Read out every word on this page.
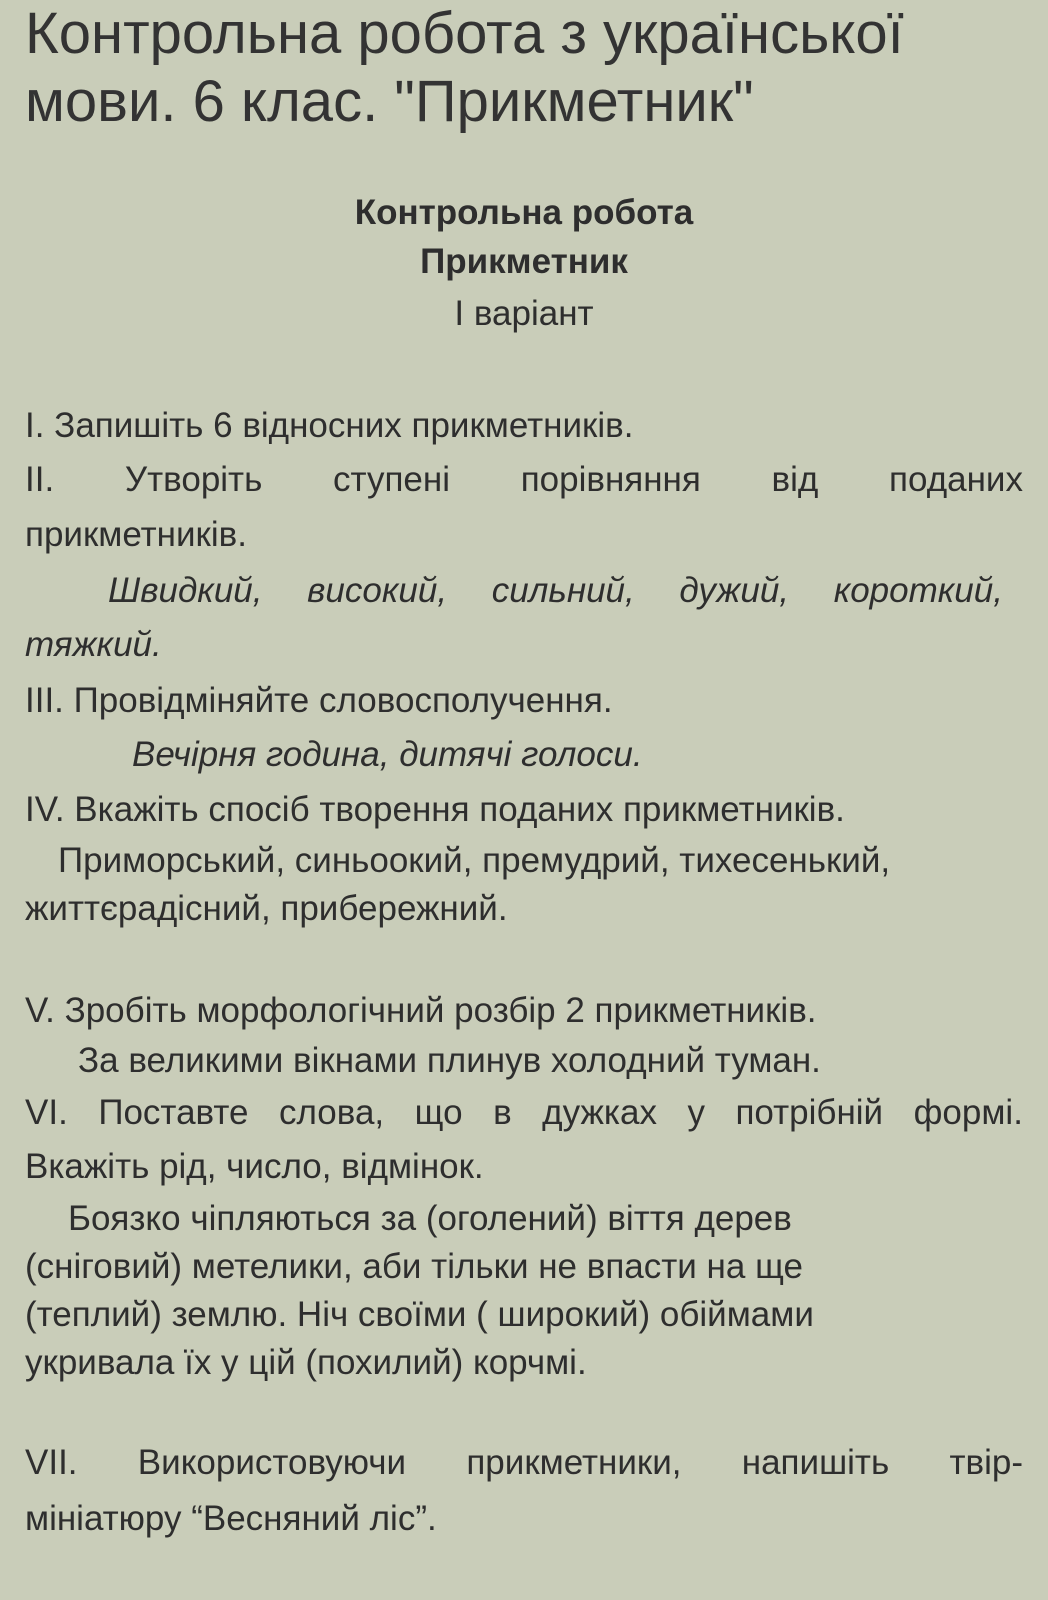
Контрольна робота з української
мови. 6 клас. "Прикметник"
Контрольна робота
Прикметник
І варіант
І. Запишіть 6 відносних прикметників.
ІІ. Утворіть ступені порівняння від поданих
прикметників.
Швидкий, високий, сильний, дужий, короткий,
тяжкий.
ІІІ. Провідміняйте словосполучення.
Вечірня година, дитячі голоси.
IV. Вкажіть спосіб творення поданих прикметників.
Приморський, синьоокий, премудрий, тихесенький,
життєрадісний, прибережний.
V. Зробіть морфологічний розбір 2 прикметників.
За великими вікнами плинув холодний туман.
VI. Поставте слова, що в дужках у потрібній формі.
Вкажіть рід, число, відмінок.
Боязко чіпляються за (оголений) віття дерев
(сніговий) метелики, аби тільки не впасти на ще
(теплий) землю. Ніч своїми ( широкий) обіймами
укривала їх у цій (похилий) корчмі.
VII. Використовуючи прикметники, напишіть твір-
мініатюру “Весняний ліс”.
